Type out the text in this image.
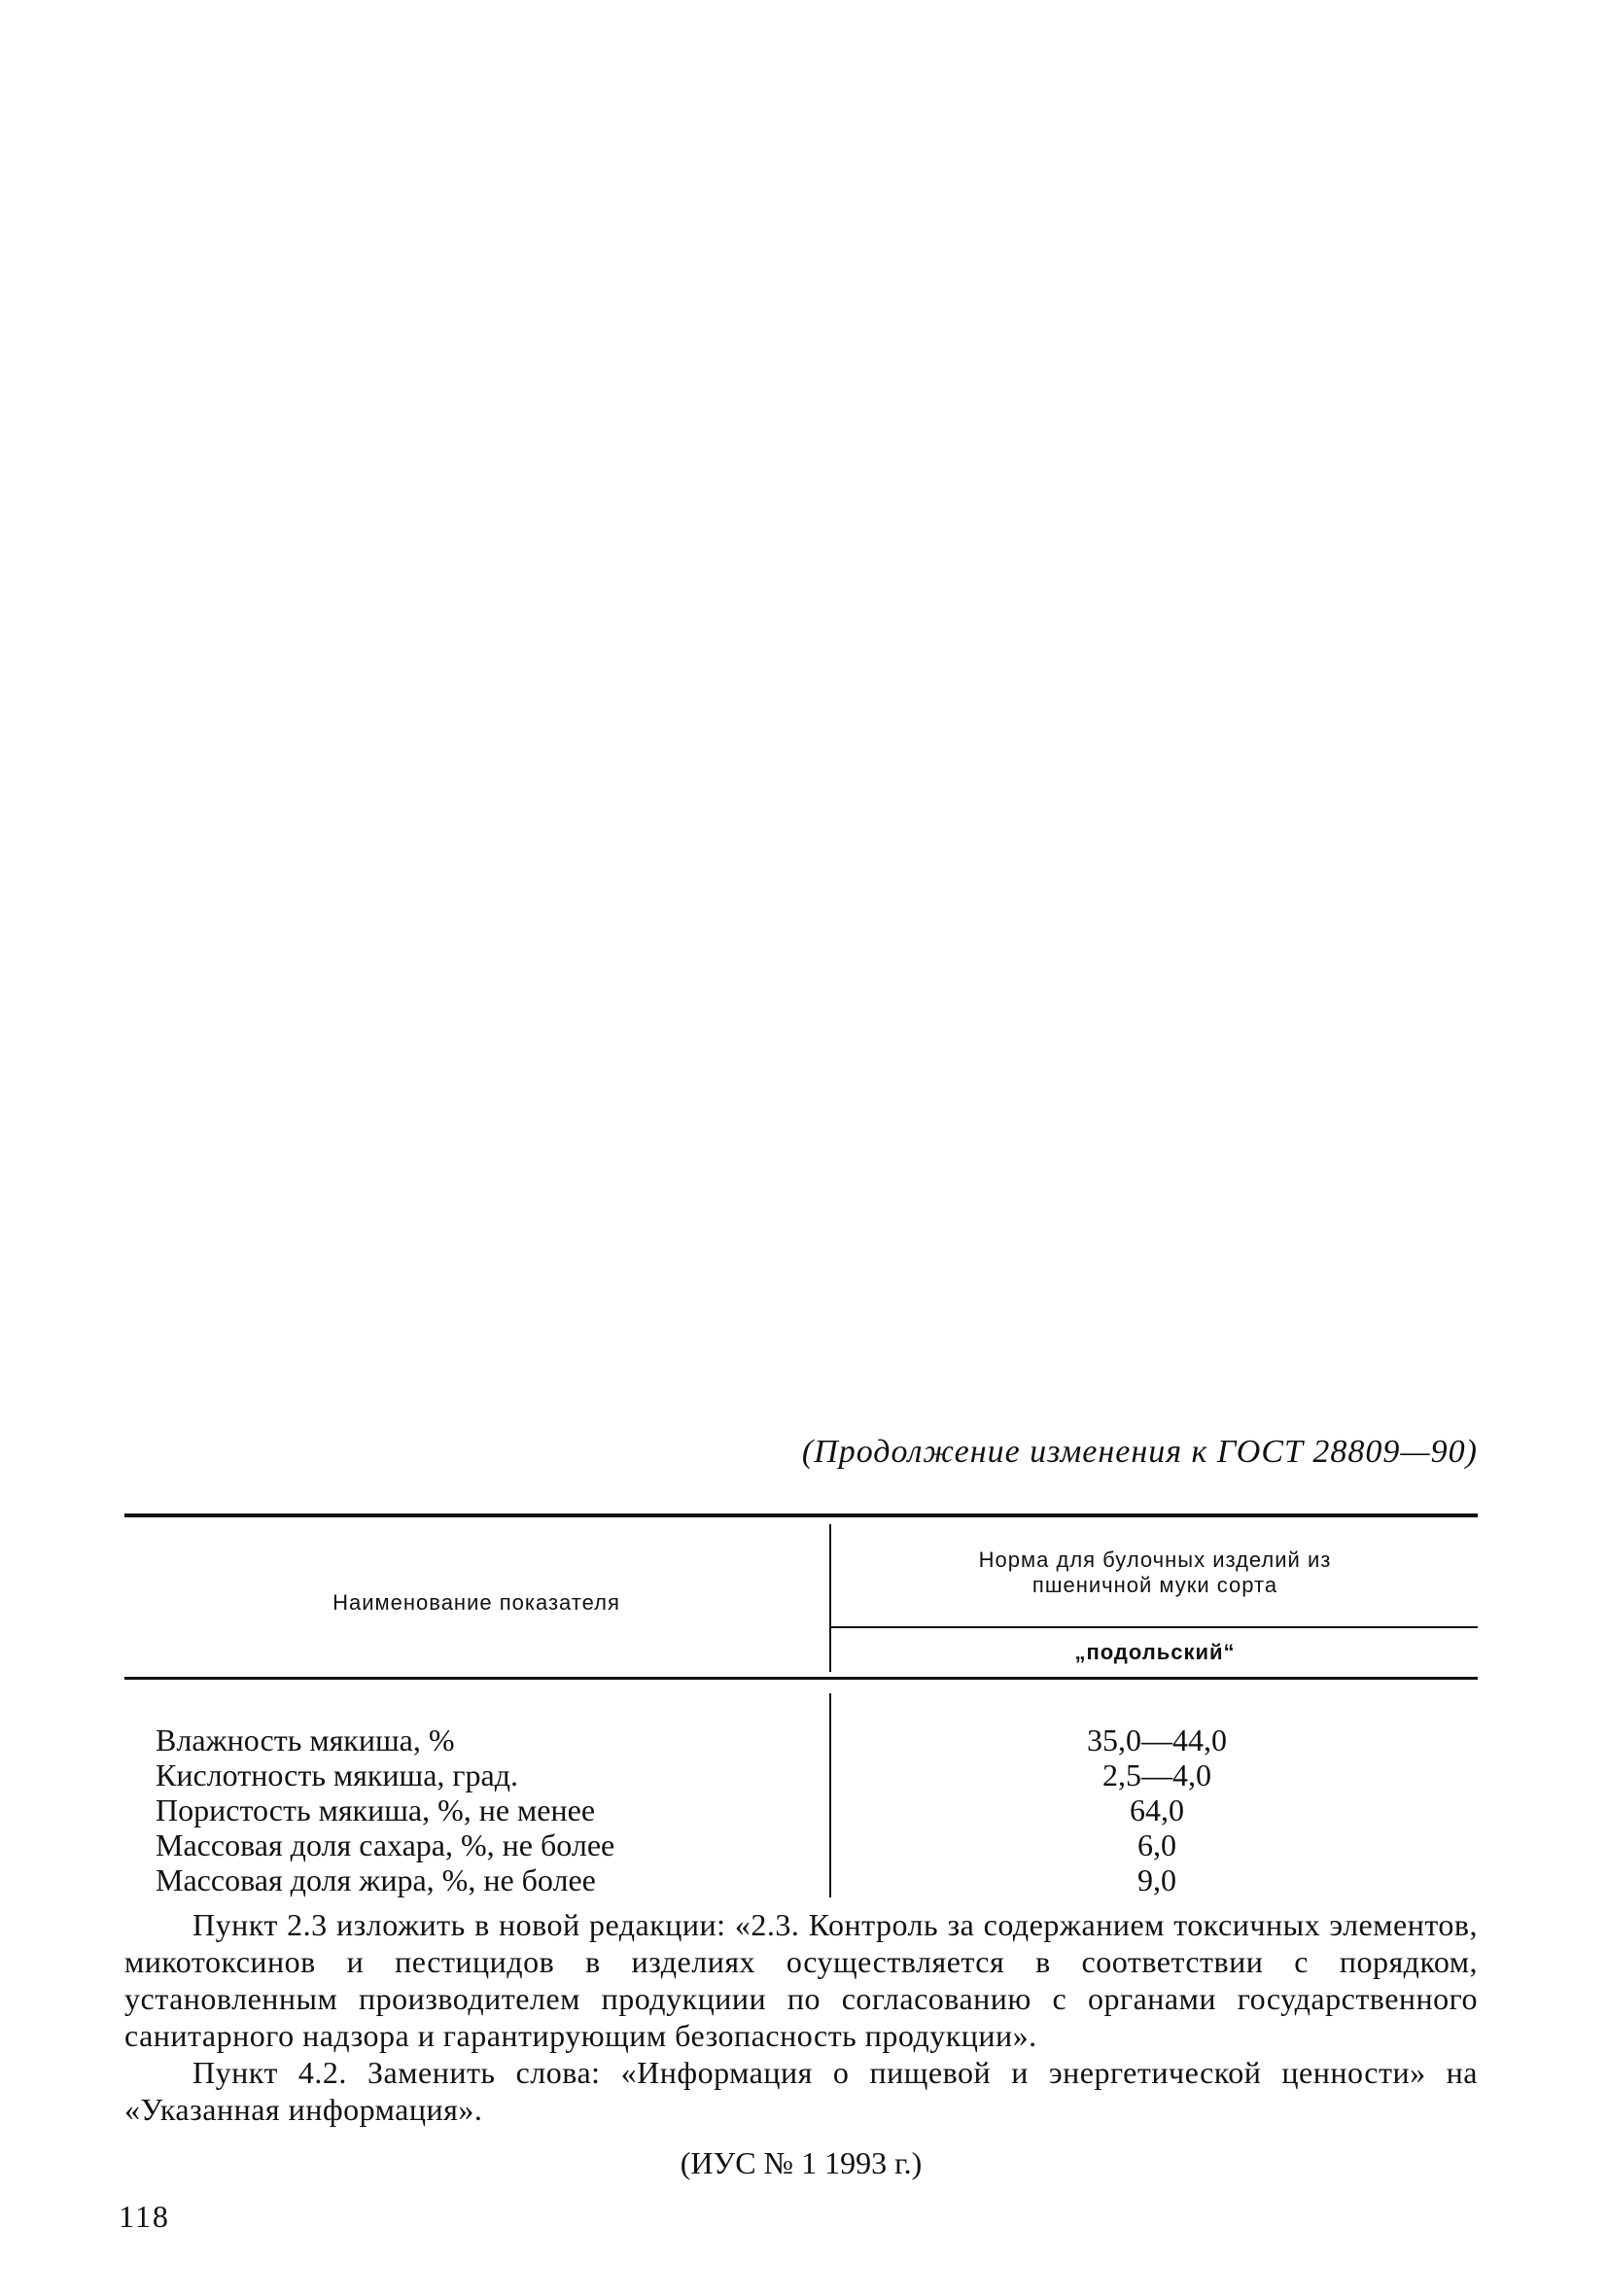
(Продолжение изменения к ГОСТ 28809—90)
Наименование показателя
Норма для булочных изделий из
пшеничной муки сорта
„подольский“
Влажность мякиша, %	35,0—44,0
Кислотность мякиша, град.	2,5—4,0
Пористость мякиша, %, не менее	64,0
Массовая доля сахара, %, не более	6,0
Массовая доля жира, %, не более	9,0

Пункт 2.3 изложить в новой редакции: «2.3. Контроль за содержанием токсичных элементов, микотоксинов и пестицидов в изделиях осуществляется в соответствии с порядком, установленным производителем продукциии по согласованию с органами государственного санитарного надзора и гарантирующим безопасность продукции».

Пункт 4.2. Заменить слова: «Информация о пищевой и энергетической ценности» на «Указанная информация».

(ИУС № 1 1993 г.)
118
